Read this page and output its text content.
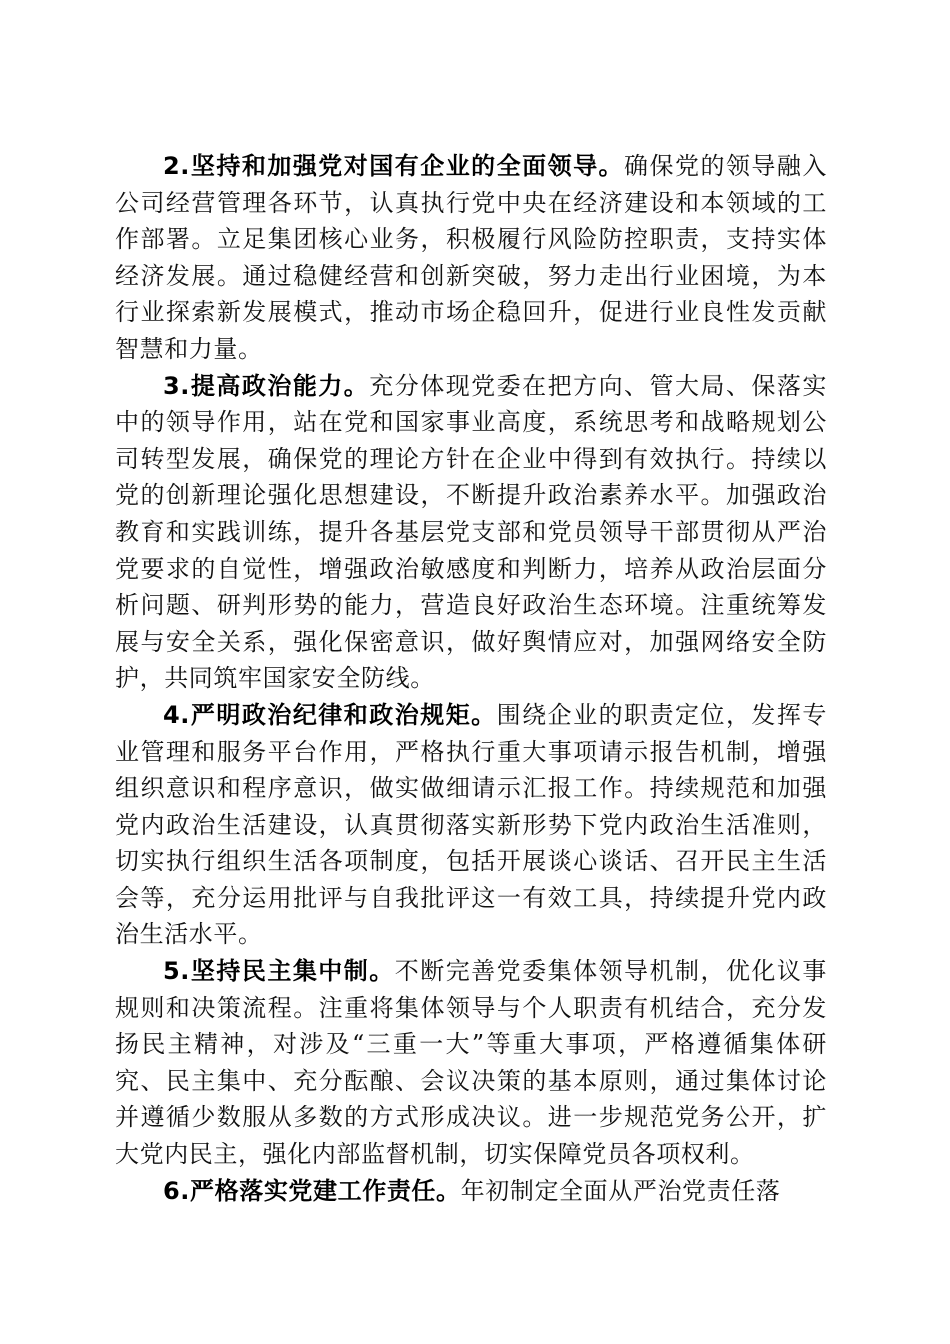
2.坚持和加强党对国有企业的全面领导。确保党的领导融入公司经营管理各环节，认真执行党中央在经济建设和本领域的工作部署。立足集团核心业务，积极履行风险防控职责，支持实体经济发展。通过稳健经营和创新突破，努力走出行业困境，为本行业探索新发展模式，推动市场企稳回升，促进行业良性发贡献智慧和力量。

3.提高政治能力。充分体现党委在把方向、管大局、保落实中的领导作用，站在党和国家事业高度，系统思考和战略规划公司转型发展，确保党的理论方针在企业中得到有效执行。持续以党的创新理论强化思想建设，不断提升政治素养水平。加强政治教育和实践训练，提升各基层党支部和党员领导干部贯彻从严治党要求的自觉性，增强政治敏感度和判断力，培养从政治层面分析问题、研判形势的能力，营造良好政治生态环境。注重统筹发展与安全关系，强化保密意识，做好舆情应对，加强网络安全防护，共同筑牢国家安全防线。

4.严明政治纪律和政治规矩。围绕企业的职责定位，发挥专业管理和服务平台作用，严格执行重大事项请示报告机制，增强组织意识和程序意识，做实做细请示汇报工作。持续规范和加强党内政治生活建设，认真贯彻落实新形势下党内政治生活准则，切实执行组织生活各项制度，包括开展谈心谈话、召开民主生活会等，充分运用批评与自我批评这一有效工具，持续提升党内政治生活水平。

5.坚持民主集中制。不断完善党委集体领导机制，优化议事规则和决策流程。注重将集体领导与个人职责有机结合，充分发扬民主精神，对涉及“三重一大”等重大事项，严格遵循集体研究、民主集中、充分酝酿、会议决策的基本原则，通过集体讨论并遵循少数服从多数的方式形成决议。进一步规范党务公开，扩大党内民主，强化内部监督机制，切实保障党员各项权利。

6.严格落实党建工作责任。年初制定全面从严治党责任落
